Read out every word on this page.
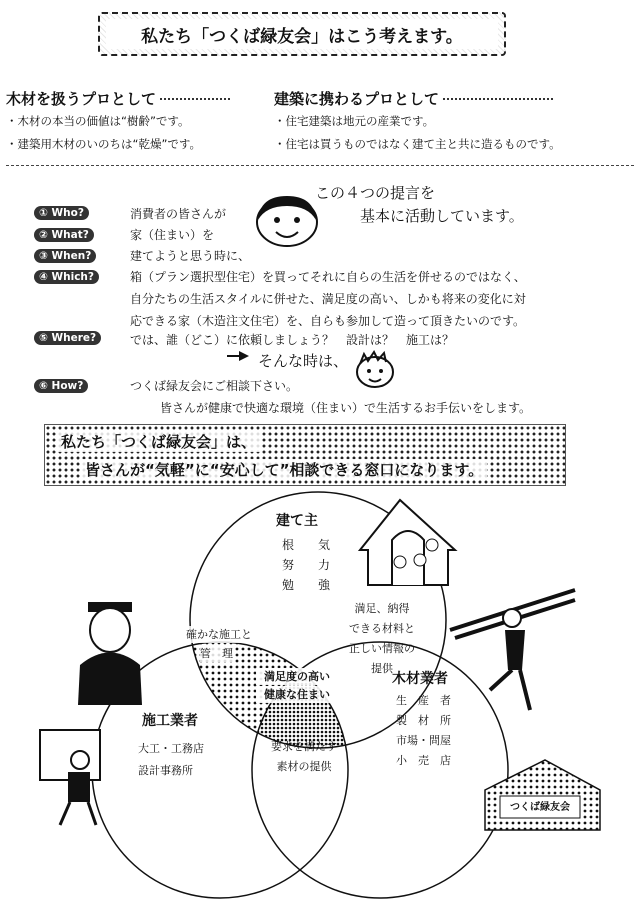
私たち「つくば緑友会」はこう考えます。
木材を扱うプロとして
・木材の本当の価値は“樹齢”です。
・建築用木材のいのちは“乾燥”です。
建築に携わるプロとして
・住宅建築は地元の産業です。
・住宅は買うものではなく建て主と共に造るものです。
この４つの提言を
基本に活動しています。
① Who?	消費者の皆さんが
② What?	家（住まい）を
③ When?	建てようと思う時に、
④ Which?	箱（プラン選択型住宅）を買ってそれに自らの生活を併せるのではなく、
自分たちの生活スタイルに併せた、満足度の高い、しかも将来の変化に対
応できる家（木造注文住宅）を、自らも参加して造って頂きたいのです。
⑤ Where?	では、誰（どこ）に依頼しましょう？　設計は？　施工は？
そんな時は、
⑥ How?	つくば緑友会にご相談下さい。
皆さんが健康で快適な環境（住まい）で生活するお手伝いをします。
私たち「つくば緑友会」は、
皆さんが“気軽”に“安心して”相談できる窓口になります。
建て主
根　気
努　力
勉　強
施工業者
大工・工務店
設計事務所
木材業者
生　産　者
製　材　所
市場・問屋
小　売　店
確かな施工と
管　理
満足、納得
できる材料と
正しい情報の
提供
要求を満たす
素材の提供
満足度の高い
健康な住まい
つくば緑友会
